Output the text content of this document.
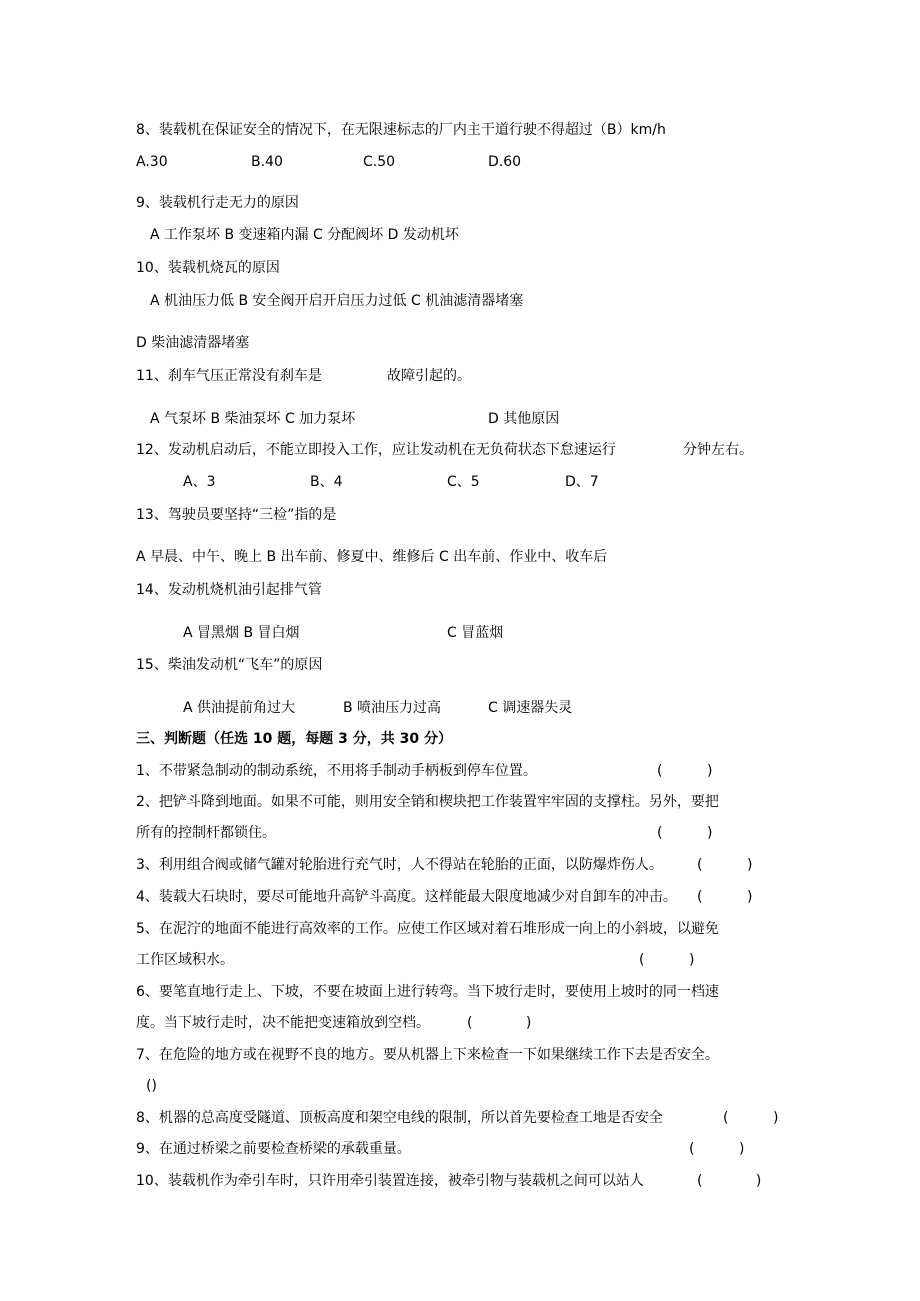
8、装载机在保证安全的情况下，在无限速标志的厂内主干道行驶不得超过（B）km/h
A.30	B.40	C.50	D.60
9、装载机行走无力的原因
A 工作泵坏 B 变速箱内漏 C 分配阀坏 D 发动机坏
10、装载机烧瓦的原因
A 机油压力低 B 安全阀开启开启压力过低 C 机油滤清器堵塞
D 柴油滤清器堵塞
11、刹车气压正常没有刹车是	故障引起的。
A 气泵坏 B 柴油泵坏 C 加力泵坏	D 其他原因
12、发动机启动后，不能立即投入工作，应让发动机在无负荷状态下怠速运行	分钟左右。
A、3	B、4	C、5	D、7
13、驾驶员要坚持“三检”指的是
A 早晨、中午、晚上 B 出车前、修夏中、维修后 C 出车前、作业中、收车后
14、发动机烧机油引起排气管
A 冒黑烟 B 冒白烟	C 冒蓝烟
15、柴油发动机“飞车”的原因
A 供油提前角过大	B 喷油压力过高	C 调速器失灵
三、判断题（任选 10 题，每题 3 分，共 30 分）
1、不带紧急制动的制动系统，不用将手制动手柄板到停车位置。	(          )
2、把铲斗降到地面。如果不可能，则用安全销和楔块把工作装置牢牢固的支撑柱。另外，要把
所有的控制杆都锁住。	(          )
3、利用组合阀或储气罐对轮胎进行充气时，人不得站在轮胎的正面，以防爆炸伤人。 (          )
4、装载大石块时，要尽可能地升高铲斗高度。这样能最大限度地减少对自卸车的冲击。 (          )
5、在泥泞的地面不能进行高效率的工作。应使工作区域对着石堆形成一向上的小斜坡，以避免
工作区域积水。	(          )
6、要笔直地行走上、下坡，不要在坡面上进行转弯。当下坡行走时，要使用上坡时的同一档速
度。当下坡行走时，决不能把变速箱放到空档。	(            )
7、在危险的地方或在视野不良的地方。要从机器上下来检查一下如果继续工作下去是否安全。
()
8、机器的总高度受隧道、顶板高度和架空电线的限制，所以首先要检查工地是否安全	(          )
9、在通过桥梁之前要检查桥梁的承载重量。	(          )
10、装载机作为牵引车时，只许用牵引装置连接，被牵引物与装载机之间可以站人	(            )
